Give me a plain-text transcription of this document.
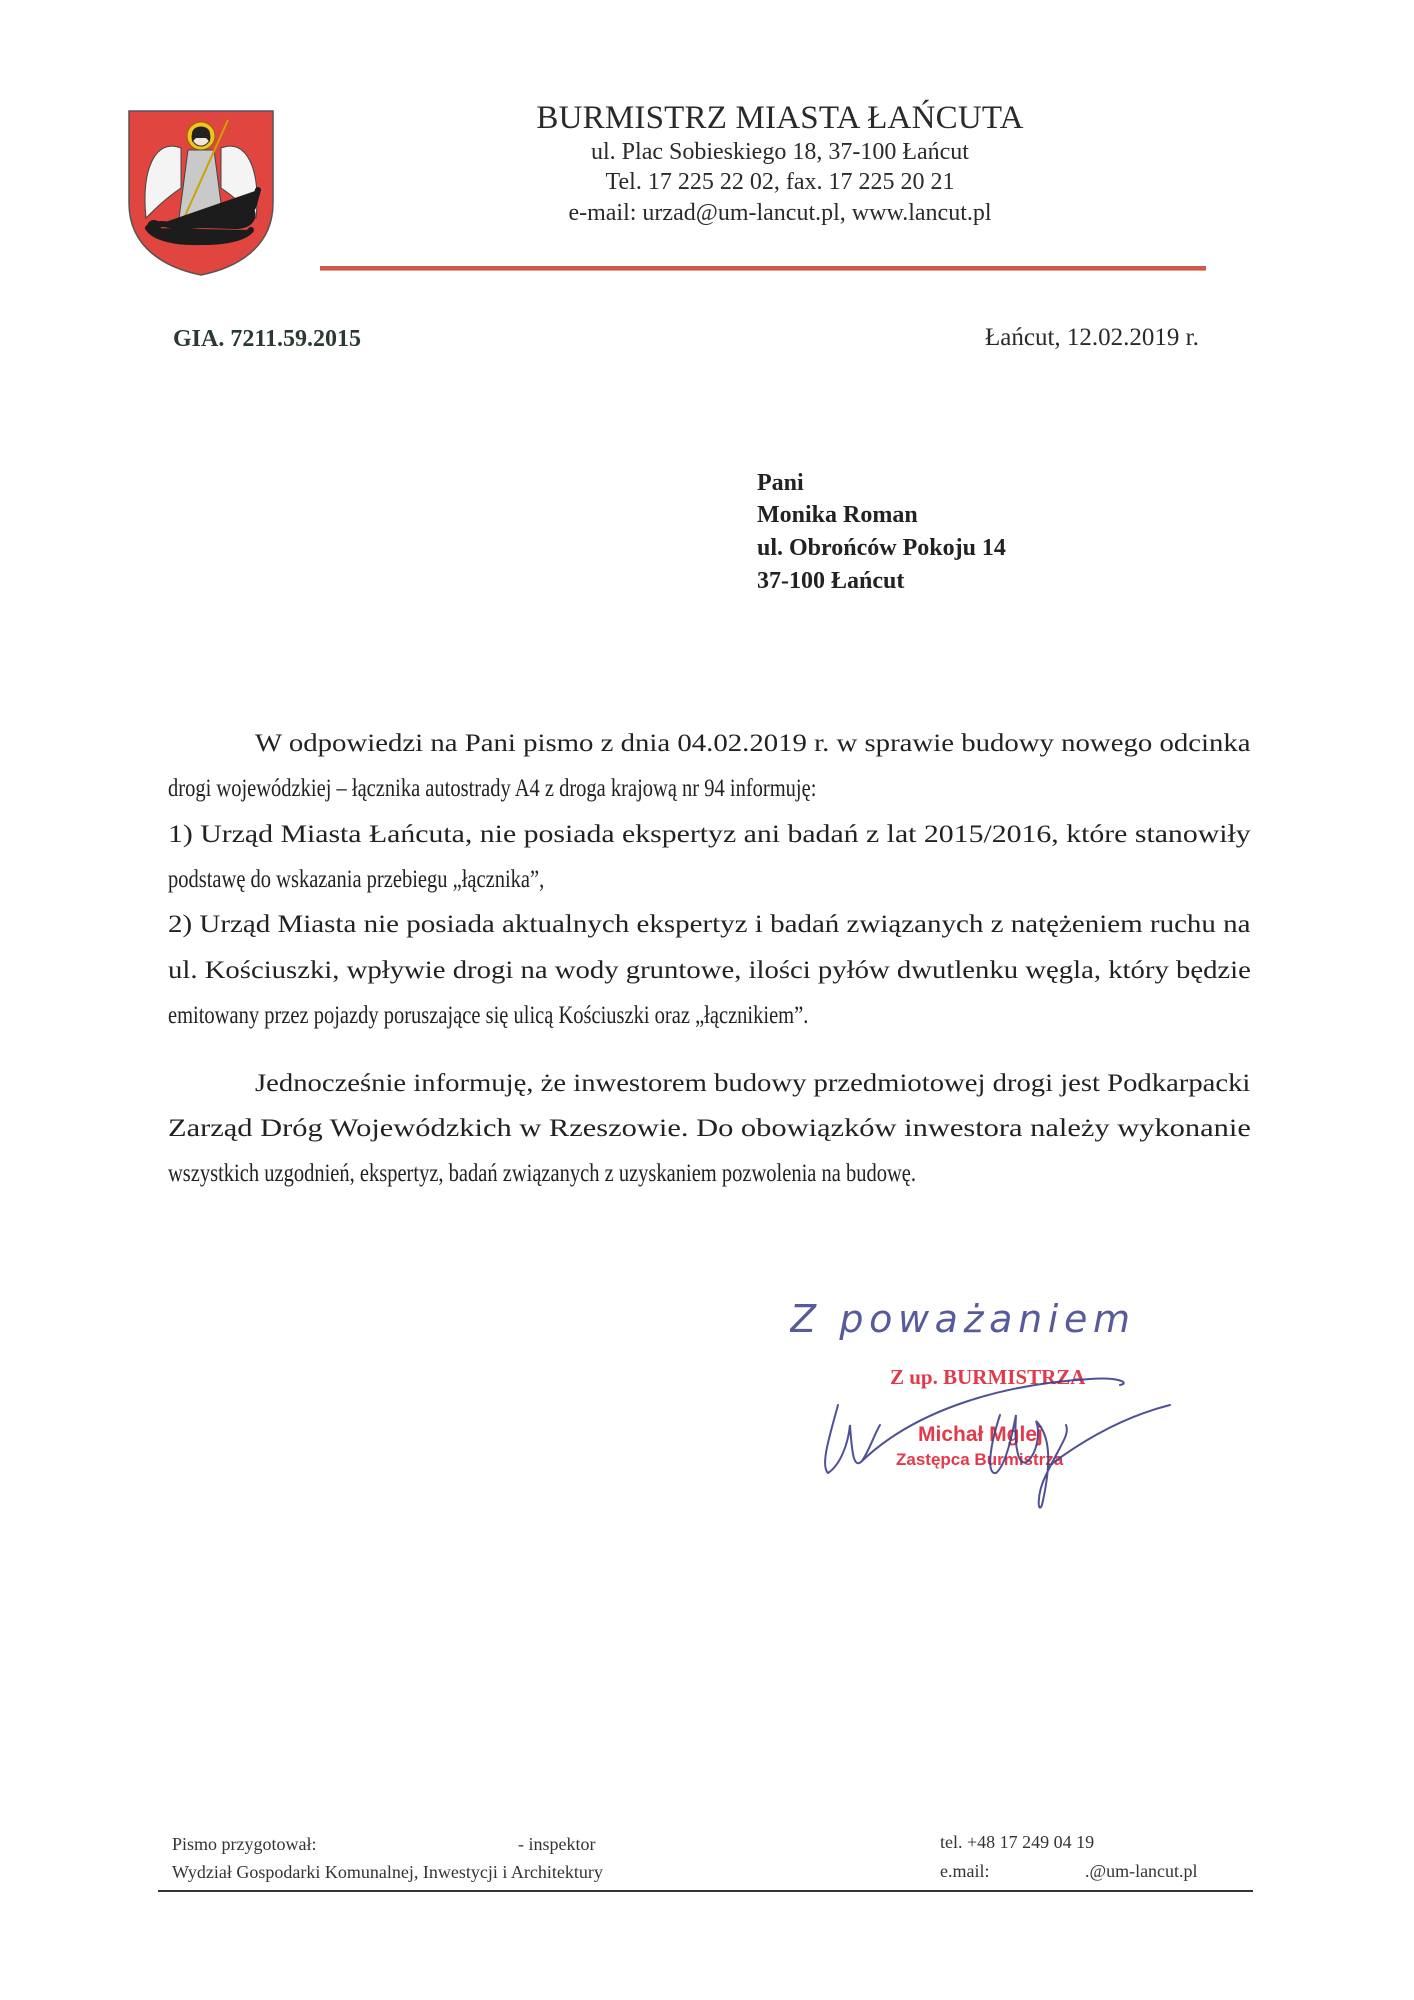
BURMISTRZ MIASTA ŁAŃCUTA
ul. Plac Sobieskiego 18, 37-100 Łańcut
Tel. 17 225 22 02, fax. 17 225 20 21
e-mail: urzad@um-lancut.pl, www.lancut.pl
GIA. 7211.59.2015	Łańcut, 12.02.2019 r.
Pani
Monika Roman
ul. Obrońców Pokoju 14
37-100 Łańcut
W odpowiedzi na Pani pismo z dnia 04.02.2019 r. w sprawie budowy nowego odcinka
drogi wojewódzkiej – łącznika autostrady A4 z droga krajową nr 94 informuję:
1) Urząd Miasta Łańcuta, nie posiada ekspertyz ani badań z lat 2015/2016, które stanowiły
podstawę do wskazania przebiegu „łącznika”,
2) Urząd Miasta nie posiada aktualnych ekspertyz i badań związanych z natężeniem ruchu na
ul. Kościuszki, wpływie drogi na wody gruntowe, ilości pyłów dwutlenku węgla, który będzie
emitowany przez pojazdy poruszające się ulicą Kościuszki oraz „łącznikiem”.
Jednocześnie informuję, że inwestorem budowy przedmiotowej drogi jest Podkarpacki
Zarząd Dróg Wojewódzkich w Rzeszowie. Do obowiązków inwestora należy wykonanie
wszystkich uzgodnień, ekspertyz, badań związanych z uzyskaniem pozwolenia na budowę.
Z poważaniem
Z up. BURMISTRZA
Michał Mglej
Zastępca Burmistrza
Pismo przygotował:	- inspektor
Wydział Gospodarki Komunalnej, Inwestycji i Architektury
tel. +48 17 249 04 19
e.mail:	.@um-lancut.pl
